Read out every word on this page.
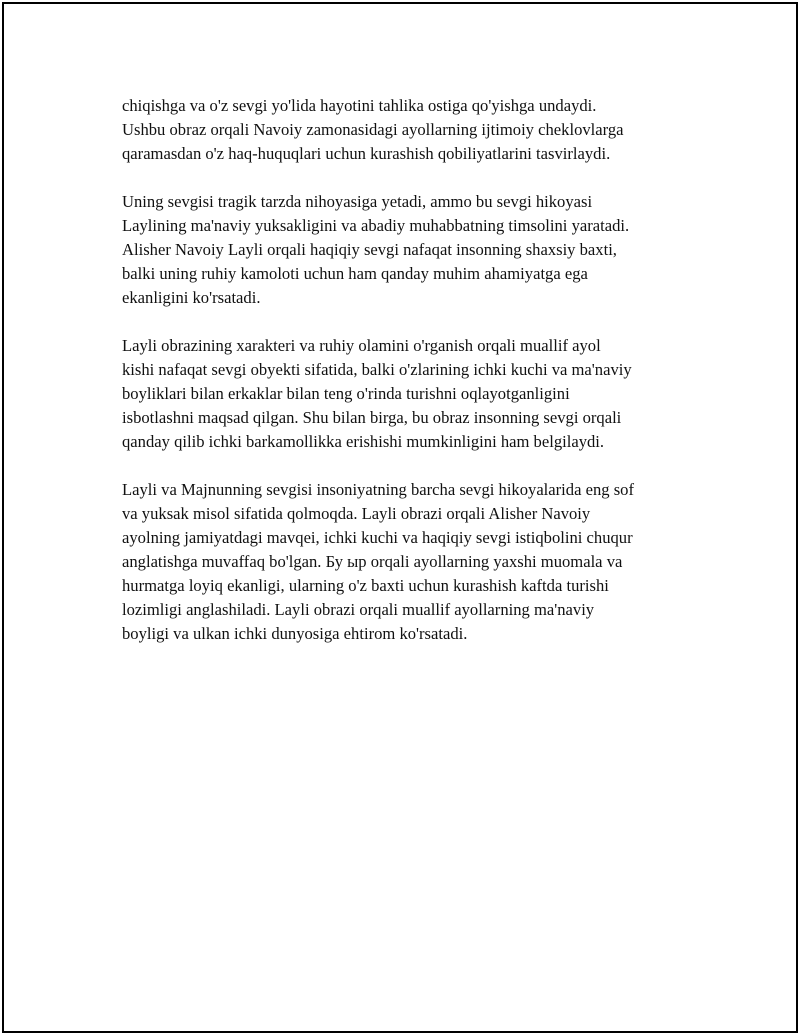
chiqishga va o'z sevgi yo'lida hayotini tahlika ostiga qo'yishga undaydi.
Ushbu obraz orqali Navoiy zamonasidagi ayollarning ijtimoiy cheklovlarga
qaramasdan o'z haq-huquqlari uchun kurashish qobiliyatlarini tasvirlaydi.

Uning sevgisi tragik tarzda nihoyasiga yetadi, ammo bu sevgi hikoyasi
Laylining ma'naviy yuksakligini va abadiy muhabbatning timsolini yaratadi.
Alisher Navoiy Layli orqali haqiqiy sevgi nafaqat insonning shaxsiy baxti,
balki uning ruhiy kamoloti uchun ham qanday muhim ahamiyatga ega
ekanligini ko'rsatadi.

Layli obrazining xarakteri va ruhiy olamini o'rganish orqali muallif ayol
kishi nafaqat sevgi obyekti sifatida, balki o'zlarining ichki kuchi va ma'naviy
boyliklari bilan erkaklar bilan teng o'rinda turishni oqlayotganligini
isbotlashni maqsad qilgan. Shu bilan birga, bu obraz insonning sevgi orqali
qanday qilib ichki barkamollikka erishishi mumkinligini ham belgilaydi.

Layli va Majnunning sevgisi insoniyatning barcha sevgi hikoyalarida eng sof
va yuksak misol sifatida qolmoqda. Layli obrazi orqali Alisher Navoiy
ayolning jamiyatdagi mavqei, ichki kuchi va haqiqiy sevgi istiqbolini chuqur
anglatishga muvaffaq bo'lgan. Бу ыр orqali ayollarning yaxshi muomala va
hurmatga loyiq ekanligi, ularning o'z baxti uchun kurashish kaftda turishi
lozimligi anglashiladi. Layli obrazi orqali muallif ayollarning ma'naviy
boyligi va ulkan ichki dunyosiga ehtirom ko'rsatadi.
